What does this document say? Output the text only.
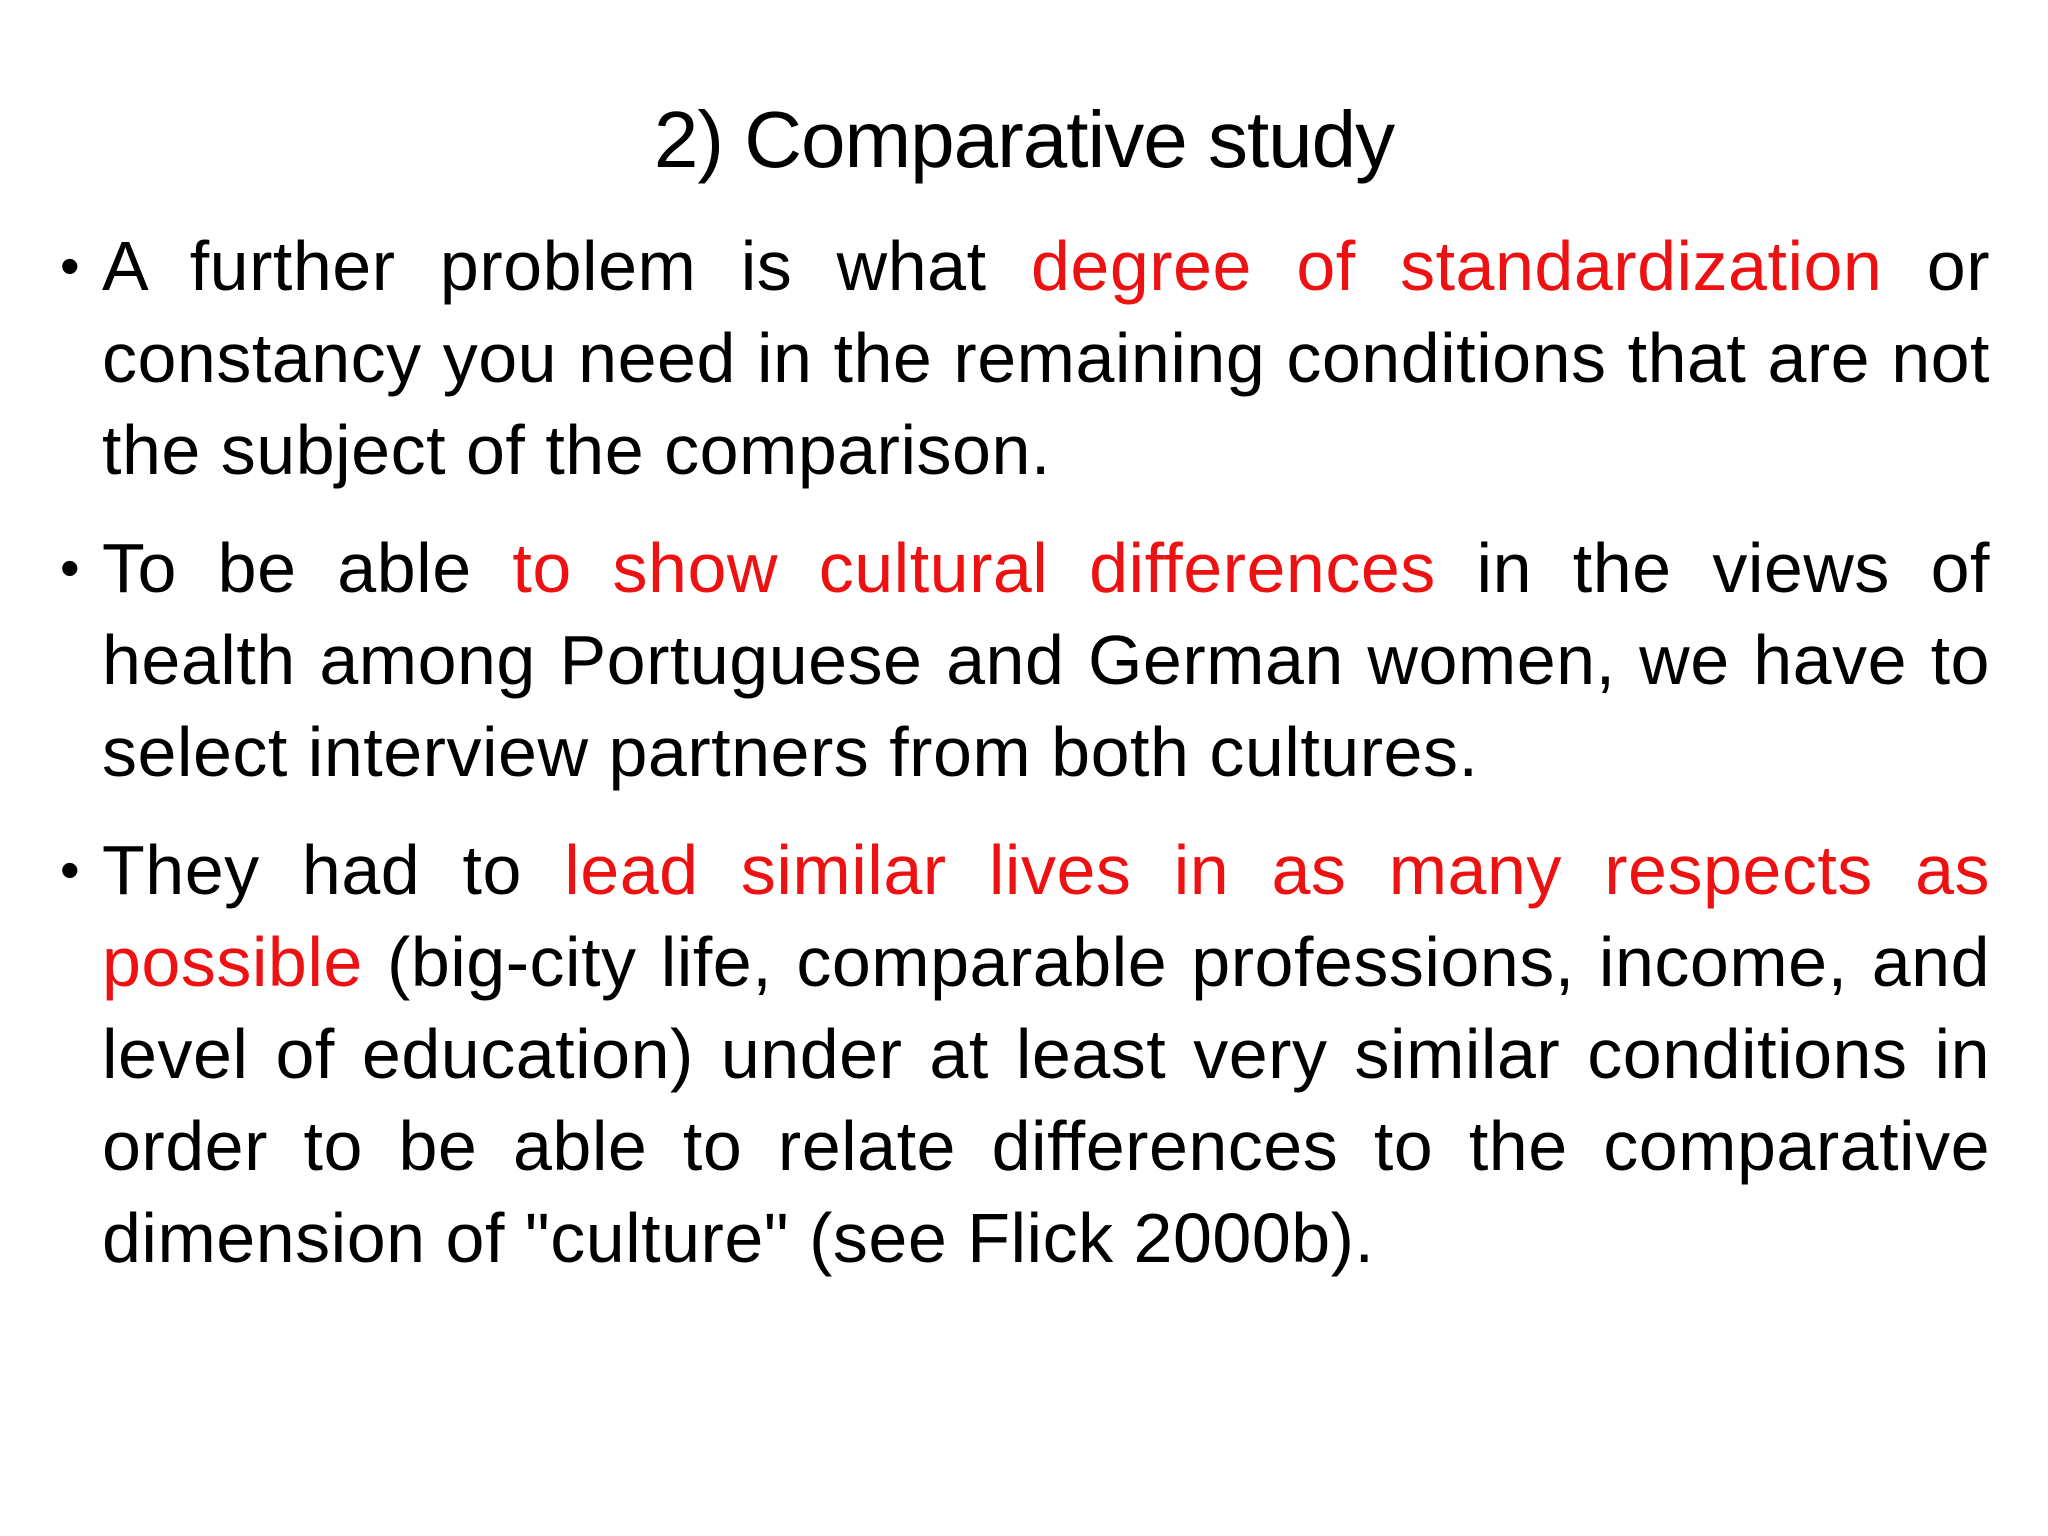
2) Comparative study
• A further problem is what degree of standardization or constancy you need in the remaining conditions that are not the subject of the comparison.
• To be able to show cultural differences in the views of health among Portuguese and German women, we have to select interview partners from both cultures.
• They had to lead similar lives in as many respects as possible (big-city life, comparable professions, income, and level of education) under at least very similar conditions in order to be able to relate differences to the comparative dimension of "culture" (see Flick 2000b).
